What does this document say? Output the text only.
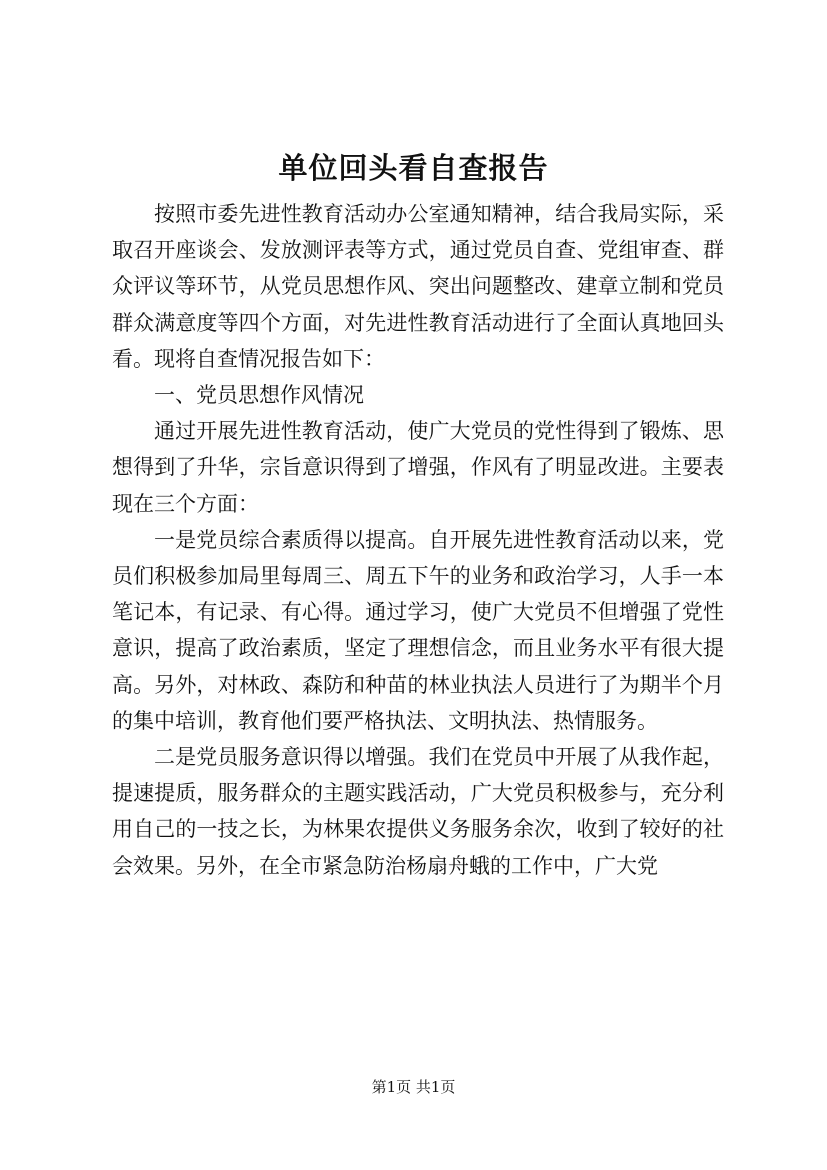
单位回头看自查报告

按照市委先进性教育活动办公室通知精神，结合我局实际，采取召开座谈会、发放测评表等方式，通过党员自查、党组审查、群众评议等环节，从党员思想作风、突出问题整改、建章立制和党员群众满意度等四个方面，对先进性教育活动进行了全面认真地回头看。现将自查情况报告如下：

一、党员思想作风情况

通过开展先进性教育活动，使广大党员的党性得到了锻炼、思想得到了升华，宗旨意识得到了增强，作风有了明显改进。主要表现在三个方面：

一是党员综合素质得以提高。自开展先进性教育活动以来，党员们积极参加局里每周三、周五下午的业务和政治学习，人手一本笔记本，有记录、有心得。通过学习，使广大党员不但增强了党性意识，提高了政治素质，坚定了理想信念，而且业务水平有很大提高。另外，对林政、森防和种苗的林业执法人员进行了为期半个月的集中培训，教育他们要严格执法、文明执法、热情服务。

二是党员服务意识得以增强。我们在党员中开展了从我作起，提速提质，服务群众的主题实践活动，广大党员积极参与，充分利用自己的一技之长，为林果农提供义务服务余次，收到了较好的社会效果。另外，在全市紧急防治杨扇舟蛾的工作中，广大党

第1页 共1页
